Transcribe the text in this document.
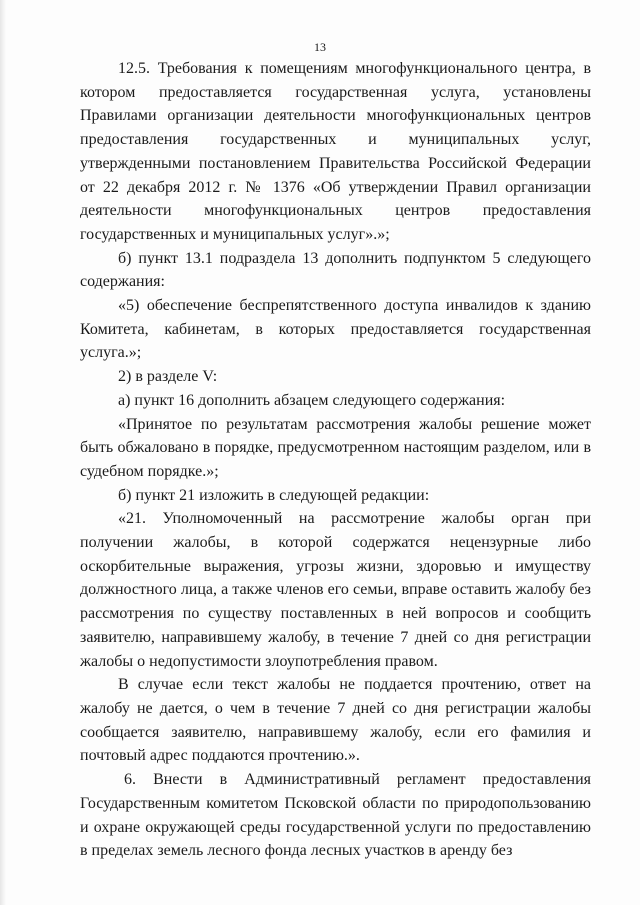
13

12.5. Требования к помещениям многофункционального центра, в котором предоставляется государственная услуга, установлены Правилами организации деятельности многофункциональных центров предоставления государственных и муниципальных услуг, утвержденными постановлением Правительства Российской Федерации от 22 декабря 2012 г. № 1376 «Об утверждении Правил организации деятельности многофункциональных центров предоставления государственных и муниципальных услуг».»;

б) пункт 13.1 подраздела 13 дополнить подпунктом 5 следующего содержания:

«5) обеспечение беспрепятственного доступа инвалидов к зданию Комитета, кабинетам, в которых предоставляется государственная услуга.»;

2) в разделе V:

а) пункт 16 дополнить абзацем следующего содержания:

«Принятое по результатам рассмотрения жалобы решение может быть обжаловано в порядке, предусмотренном настоящим разделом, или в судебном порядке.»;

б) пункт 21 изложить в следующей редакции:

«21. Уполномоченный на рассмотрение жалобы орган при получении жалобы, в которой содержатся нецензурные либо оскорбительные выражения, угрозы жизни, здоровью и имуществу должностного лица, а также членов его семьи, вправе оставить жалобу без рассмотрения по существу поставленных в ней вопросов и сообщить заявителю, направившему жалобу, в течение 7 дней со дня регистрации жалобы о недопустимости злоупотребления правом.

В случае если текст жалобы не поддается прочтению, ответ на жалобу не дается, о чем в течение 7 дней со дня регистрации жалобы сообщается заявителю, направившему жалобу, если его фамилия и почтовый адрес поддаются прочтению.».

6. Внести в Административный регламент предоставления Государственным комитетом Псковской области по природопользованию и охране окружающей среды государственной услуги по предоставлению в пределах земель лесного фонда лесных участков в аренду без
